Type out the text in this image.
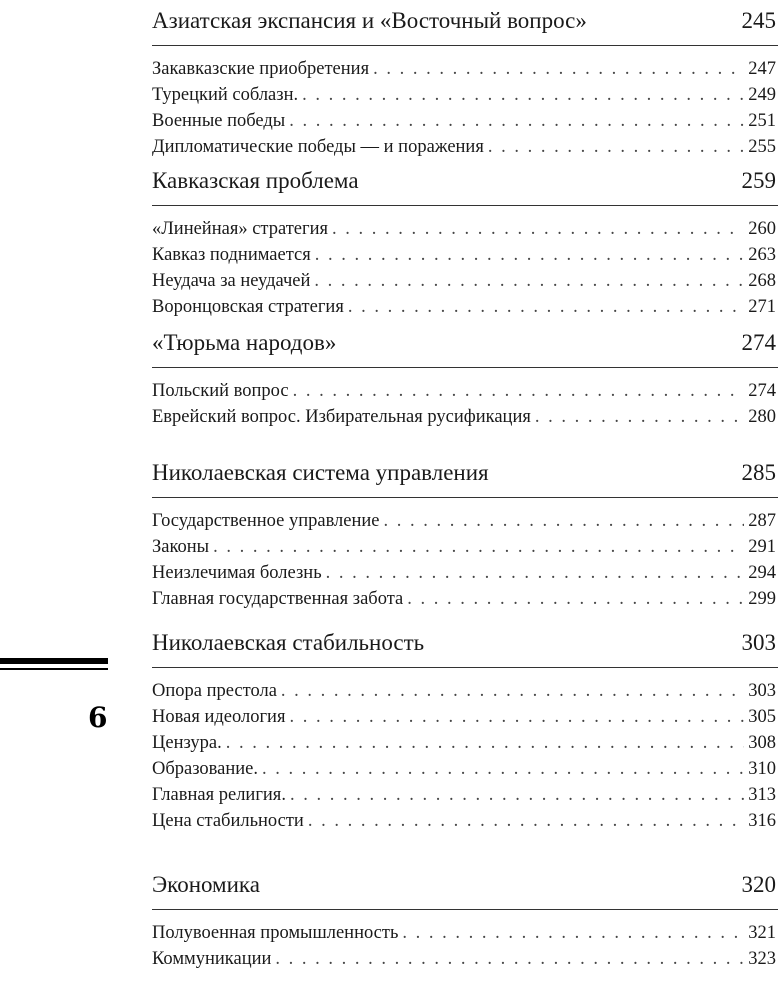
6
Азиатская экспансия и «Восточный вопрос»	245
Закавказские приобретения . . .	247
Турецкий соблазн. . . .	249
Военные победы . . .	251
Дипломатические победы — и поражения . . .	255
Кавказская проблема	259
«Линейная» стратегия . . .	260
Кавказ поднимается . . .	263
Неудача за неудачей . . .	268
Воронцовская стратегия . . .	271
«Тюрьма народов»	274
Польский вопрос . . .	274
Еврейский вопрос. Избирательная русификация . . .	280
Николаевская система управления	285
Государственное управление . . .	287
Законы . . .	291
Неизлечимая болезнь . . .	294
Главная государственная забота . . .	299
Николаевская стабильность	303
Опора престола . . .	303
Новая идеология . . .	305
Цензура. . . .	308
Образование. . . .	310
Главная религия. . . .	313
Цена стабильности . . .	316
Экономика	320
Полувоенная промышленность . . .	321
Коммуникации . . .	323
